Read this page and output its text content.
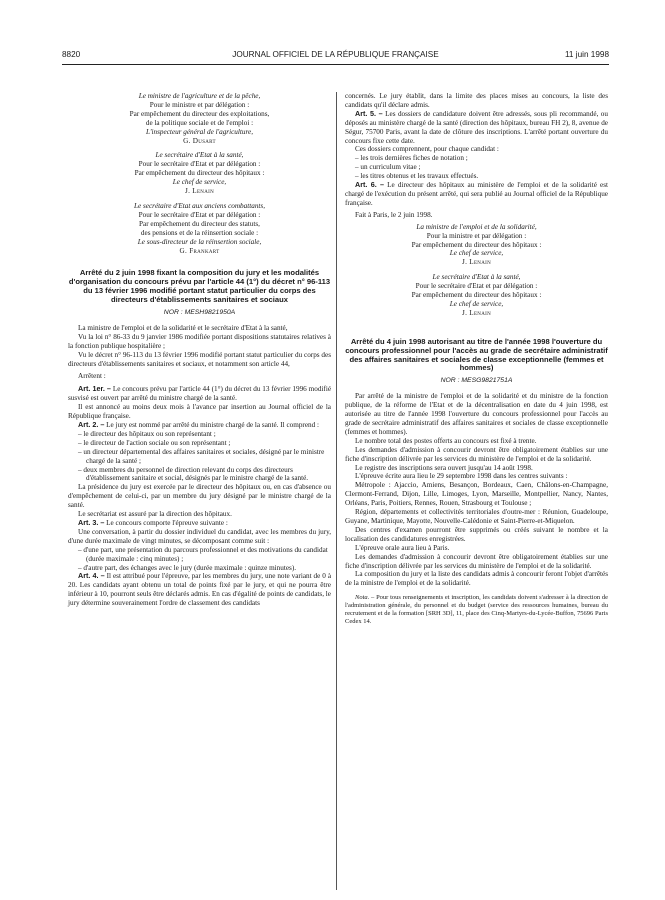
8820	JOURNAL OFFICIEL DE LA RÉPUBLIQUE FRANÇAISE	11 juin 1998

Le ministre de l'agriculture et de la pêche,

Pour le ministre et par délégation :

Par empêchement du directeur des exploitations,

de la politique sociale et de l'emploi :

L'inspecteur général de l'agriculture,

G. Dusart

Le secrétaire d'Etat à la santé,

Pour le secrétaire d'Etat et par délégation :

Par empêchement du directeur des hôpitaux :

Le chef de service,

J. Lenain

Le secrétaire d'Etat aux anciens combattants,

Pour le secrétaire d'Etat et par délégation :

Par empêchement du directeur des statuts,

des pensions et de la réinsertion sociale :

Le sous-directeur de la réinsertion sociale,

G. Frankart

Arrêté du 2 juin 1998 fixant la composition du jury et les modalités d'organisation du concours prévu par l'article 44 (1°) du décret n° 96-113 du 13 février 1996 modifié portant statut particulier du corps des directeurs d'établissements sanitaires et sociaux

NOR : MESH9821950A

La ministre de l'emploi et de la solidarité et le secrétaire d'Etat à la santé,

Vu la loi n° 86-33 du 9 janvier 1986 modifiée portant dispositions statutaires relatives à la fonction publique hospitalière ;

Vu le décret n° 96-113 du 13 février 1996 modifié portant statut particulier du corps des directeurs d'établissements sanitaires et sociaux, et notamment son article 44,

Arrêtent :

Art. 1er. – Le concours prévu par l'article 44 (1°) du décret du 13 février 1996 modifié susvisé est ouvert par arrêté du ministre chargé de la santé.

Il est annoncé au moins deux mois à l'avance par insertion au Journal officiel de la République française.

Art. 2. – Le jury est nommé par arrêté du ministre chargé de la santé. Il comprend :

– le directeur des hôpitaux ou son représentant ;

– le directeur de l'action sociale ou son représentant ;

– un directeur départemental des affaires sanitaires et sociales, désigné par le ministre chargé de la santé ;

– deux membres du personnel de direction relevant du corps des directeurs d'établissement sanitaire et social, désignés par le ministre chargé de la santé.

La présidence du jury est exercée par le directeur des hôpitaux ou, en cas d'absence ou d'empêchement de celui-ci, par un membre du jury désigné par le ministre chargé de la santé.

Le secrétariat est assuré par la direction des hôpitaux.

Art. 3. – Le concours comporte l'épreuve suivante :

Une conversation, à partir du dossier individuel du candidat, avec les membres du jury, d'une durée maximale de vingt minutes, se décomposant comme suit :

– d'une part, une présentation du parcours professionnel et des motivations du candidat (durée maximale : cinq minutes) ;

– d'autre part, des échanges avec le jury (durée maximale : quinze minutes).

Art. 4. – Il est attribué pour l'épreuve, par les membres du jury, une note variant de 0 à 20. Les candidats ayant obtenu un total de points fixé par le jury, et qui ne pourra être inférieur à 10, pourront seuls être déclarés admis. En cas d'égalité de points de candidats, le jury détermine souverainement l'ordre de classement des candidats

concernés. Le jury établit, dans la limite des places mises au concours, la liste des candidats qu'il déclare admis.

Art. 5. – Les dossiers de candidature doivent être adressés, sous pli recommandé, ou déposés au ministère chargé de la santé (direction des hôpitaux, bureau FH 2), 8, avenue de Ségur, 75700 Paris, avant la date de clôture des inscriptions. L'arrêté portant ouverture du concours fixe cette date.

Ces dossiers comprennent, pour chaque candidat :

– les trois dernières fiches de notation ;

– un curriculum vitae ;

– les titres obtenus et les travaux effectués.

Art. 6. – Le directeur des hôpitaux au ministère de l'emploi et de la solidarité est chargé de l'exécution du présent arrêté, qui sera publié au Journal officiel de la République française.

Fait à Paris, le 2 juin 1998.

La ministre de l'emploi et de la solidarité,

Pour la ministre et par délégation :

Par empêchement du directeur des hôpitaux :

Le chef de service,

J. Lenain

Le secrétaire d'Etat à la santé,

Pour le secrétaire d'Etat et par délégation :

Par empêchement du directeur des hôpitaux :

Le chef de service,

J. Lenain

Arrêté du 4 juin 1998 autorisant au titre de l'année 1998 l'ouverture du concours professionnel pour l'accès au grade de secrétaire administratif des affaires sanitaires et sociales de classe exceptionnelle (femmes et hommes)

NOR : MESG9821751A

Par arrêté de la ministre de l'emploi et de la solidarité et du ministre de la fonction publique, de la réforme de l'Etat et de la décentralisation en date du 4 juin 1998, est autorisée au titre de l'année 1998 l'ouverture du concours professionnel pour l'accès au grade de secrétaire administratif des affaires sanitaires et sociales de classe exceptionnelle (femmes et hommes).

Le nombre total des postes offerts au concours est fixé à trente.

Les demandes d'admission à concourir devront être obligatoirement établies sur une fiche d'inscription délivrée par les services du ministère de l'emploi et de la solidarité.

Le registre des inscriptions sera ouvert jusqu'au 14 août 1998.

L'épreuve écrite aura lieu le 29 septembre 1998 dans les centres suivants :

Métropole : Ajaccio, Amiens, Besançon, Bordeaux, Caen, Châlons-en-Champagne, Clermont-Ferrand, Dijon, Lille, Limoges, Lyon, Marseille, Montpellier, Nancy, Nantes, Orléans, Paris, Poitiers, Rennes, Rouen, Strasbourg et Toulouse ;

Région, départements et collectivités territoriales d'outre-mer : Réunion, Guadeloupe, Guyane, Martinique, Mayotte, Nouvelle-Calédonie et Saint-Pierre-et-Miquelon.

Des centres d'examen pourront être supprimés ou créés suivant le nombre et la localisation des candidatures enregistrées.

L'épreuve orale aura lieu à Paris.

Les demandes d'admission à concourir devront être obligatoirement établies sur une fiche d'inscription délivrée par les services du ministère de l'emploi et de la solidarité.

La composition du jury et la liste des candidats admis à concourir feront l'objet d'arrêtés de la ministre de l'emploi et de la solidarité.

Nota. – Pour tous renseignements et inscription, les candidats doivent s'adresser à la direction de l'administration générale, du personnel et du budget (service des ressources humaines, bureau du recrutement et de la formation [SRH 3D], 11, place des Cinq-Martyrs-du-Lycée-Buffon, 75696 Paris Cedex 14.
